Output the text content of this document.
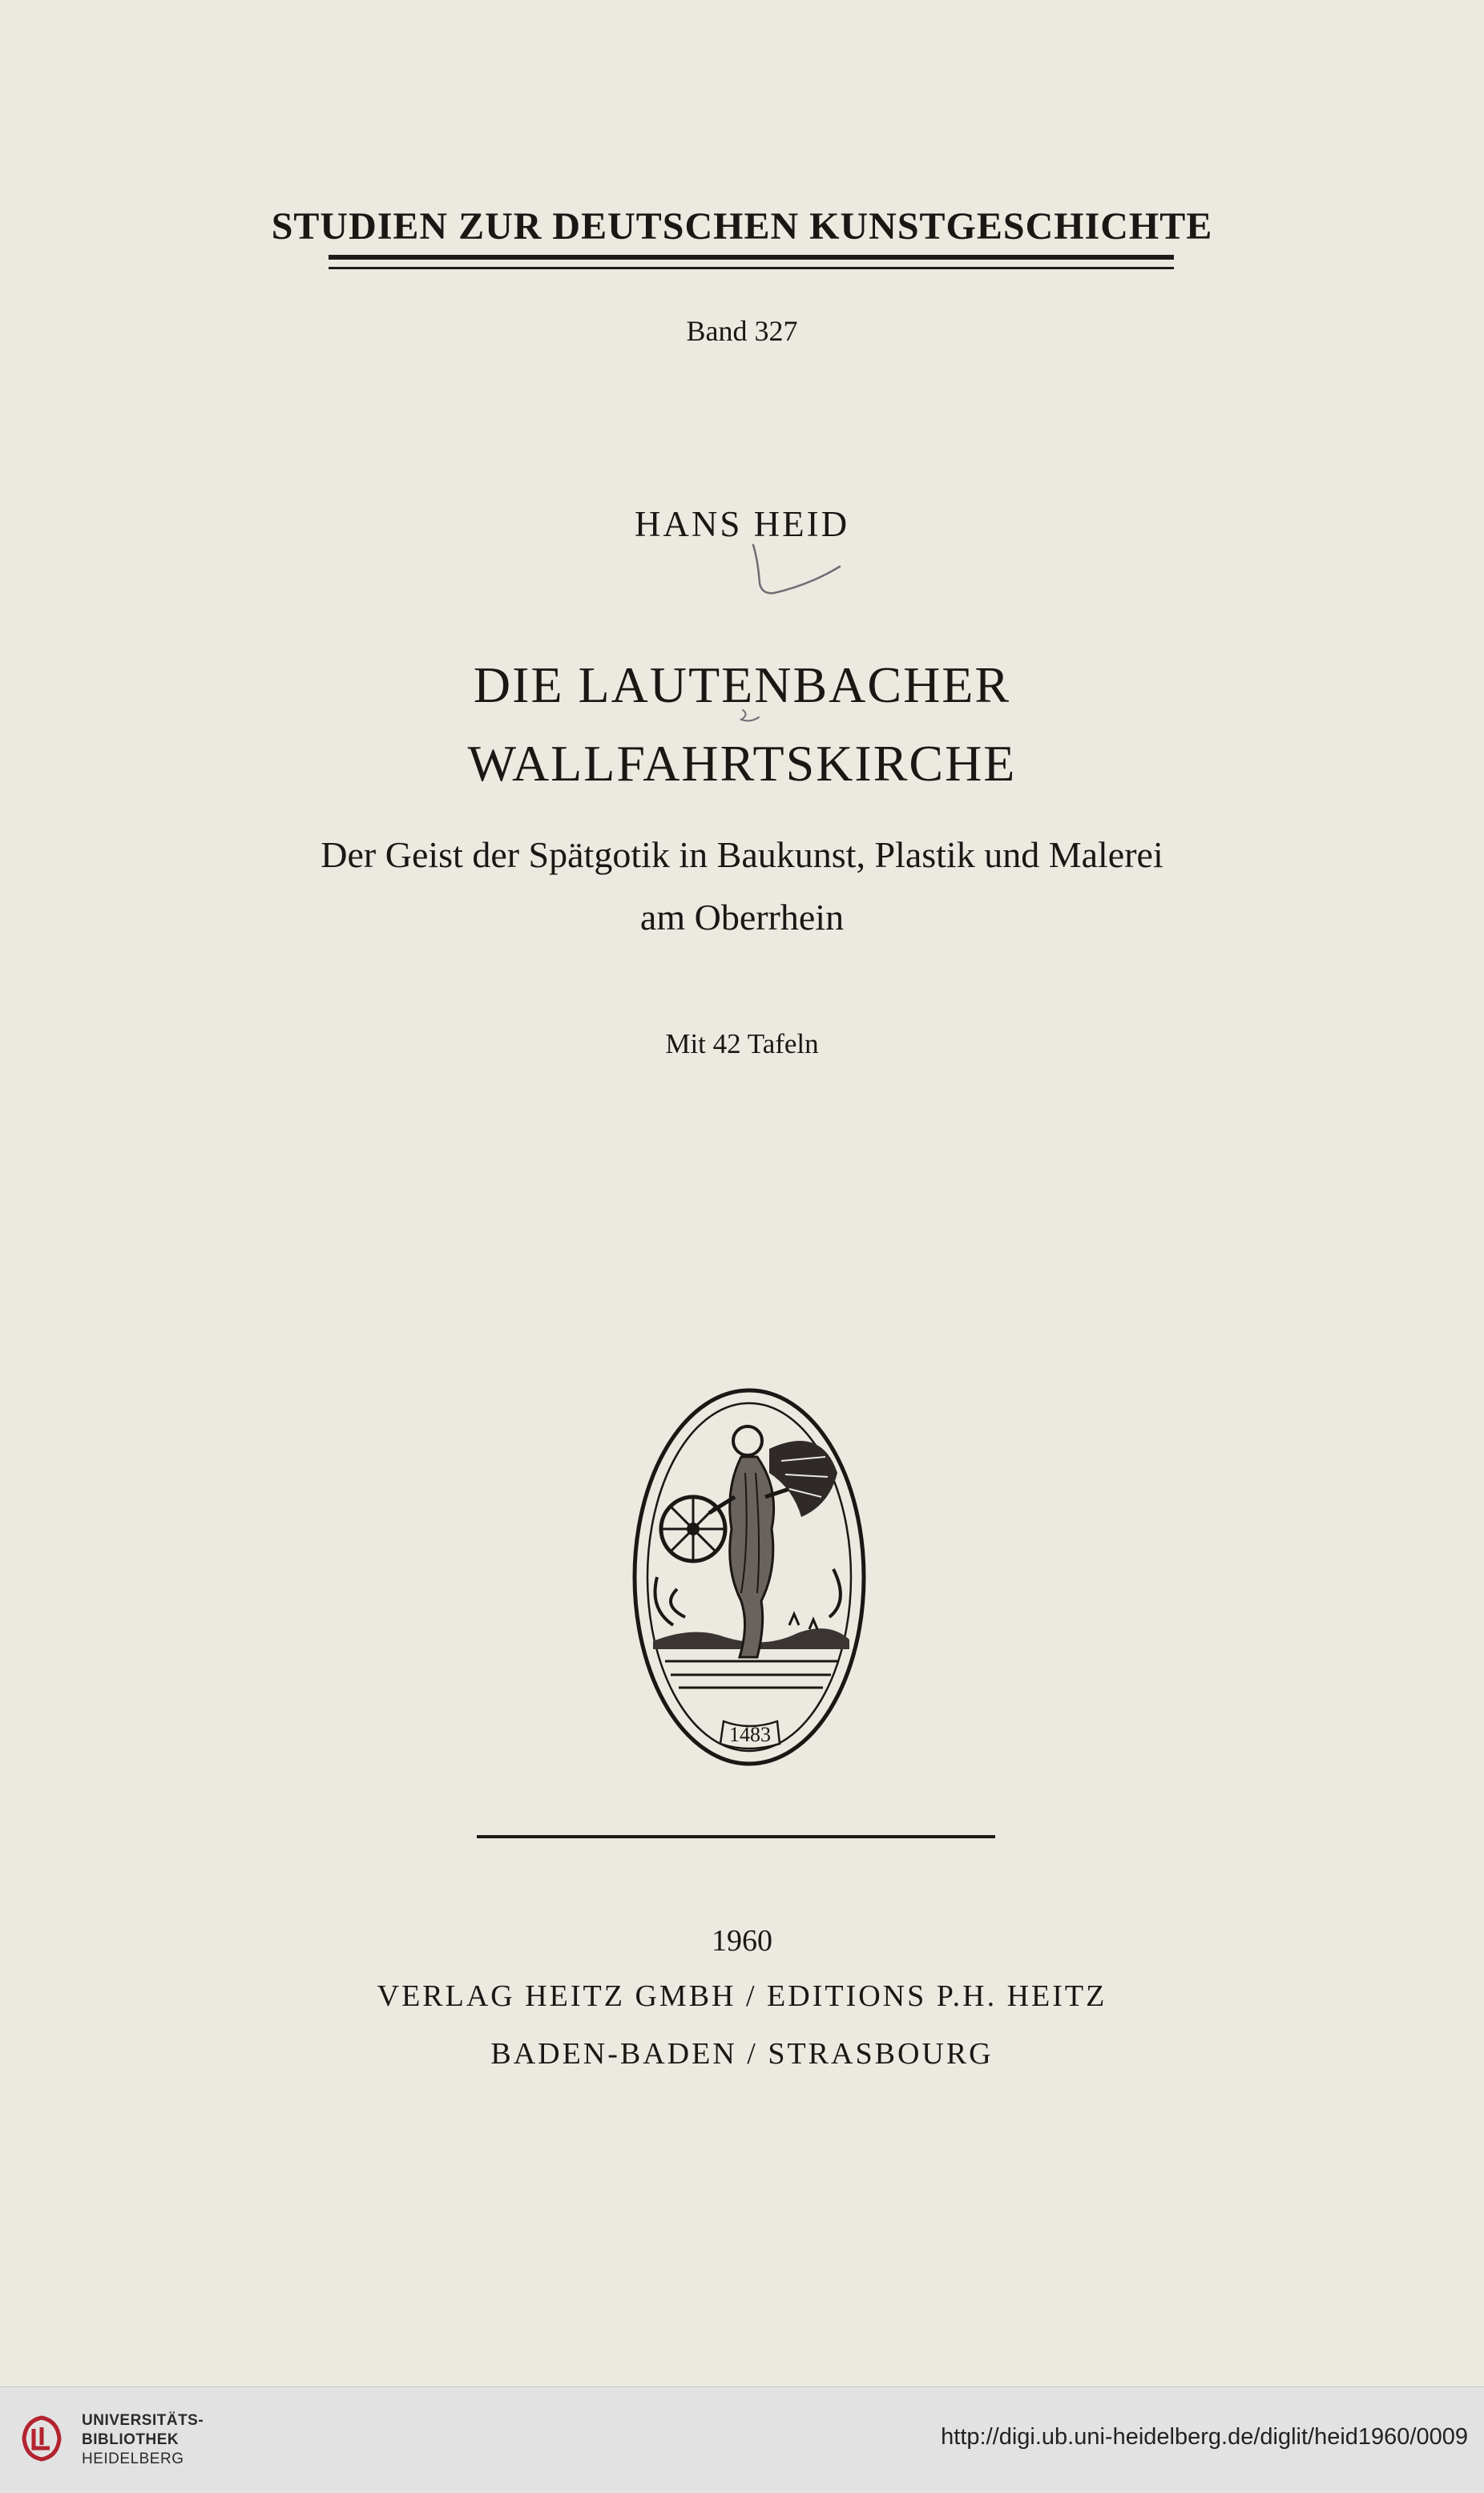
STUDIEN ZUR DEUTSCHEN KUNSTGESCHICHTE
Band 327
HANS HEID
DIE LAUTENBACHER
WALLFAHRTSKIRCHE
Der Geist der Spätgotik in Baukunst, Plastik und Malerei
am Oberrhein
Mit 42 Tafeln
1483
1960
VERLAG HEITZ GMBH / EDITIONS P.H. HEITZ
BADEN-BADEN / STRASBOURG
UNIVERSITÄTS-
BIBLIOTHEK
HEIDELBERG
http://digi.ub.uni-heidelberg.de/diglit/heid1960/0009
